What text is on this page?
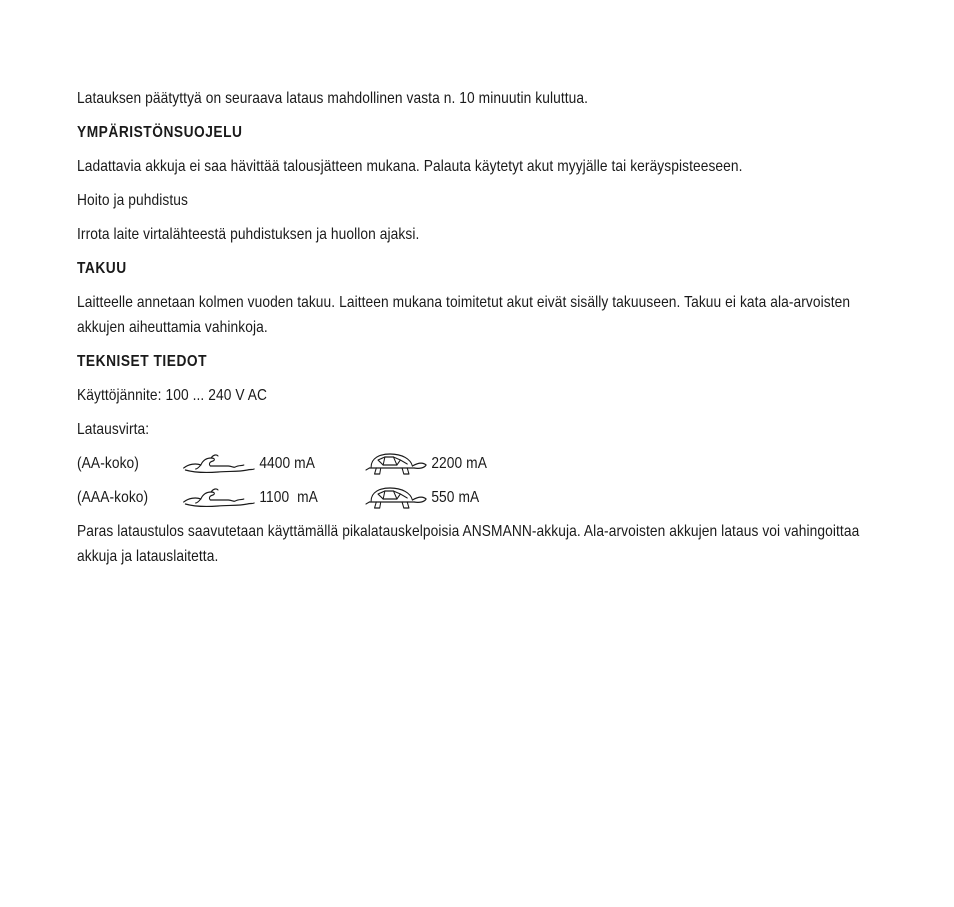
Latauksen päätyttyä on seuraava lataus mahdollinen vasta n. 10 minuutin kuluttua.

YMPÄRISTÖNSUOJELU

Ladattavia akkuja ei saa hävittää talousjätteen mukana. Palauta käytetyt akut myyjälle tai keräyspisteeseen.

Hoito ja puhdistus

Irrota laite virtalähteestä puhdistuksen ja huollon ajaksi.

TAKUU

Laitteelle annetaan kolmen vuoden takuu. Laitteen mukana toimitetut akut eivät sisälly takuuseen. Takuu ei kata ala-arvoisten akkujen aiheuttamia vahinkoja.

TEKNISET TIEDOT

Käyttöjännite: 100 ... 240 V AC

Latausvirta:

(AA-koko)	4400 mA	2200 mA
(AAA-koko)	1100  mA	550 mA

Paras lataustulos saavutetaan käyttämällä pikalatauskelpoisia ANSMANN-akkuja. Ala-arvoisten akkujen lataus voi vahingoittaa akkuja ja latauslaitetta.
